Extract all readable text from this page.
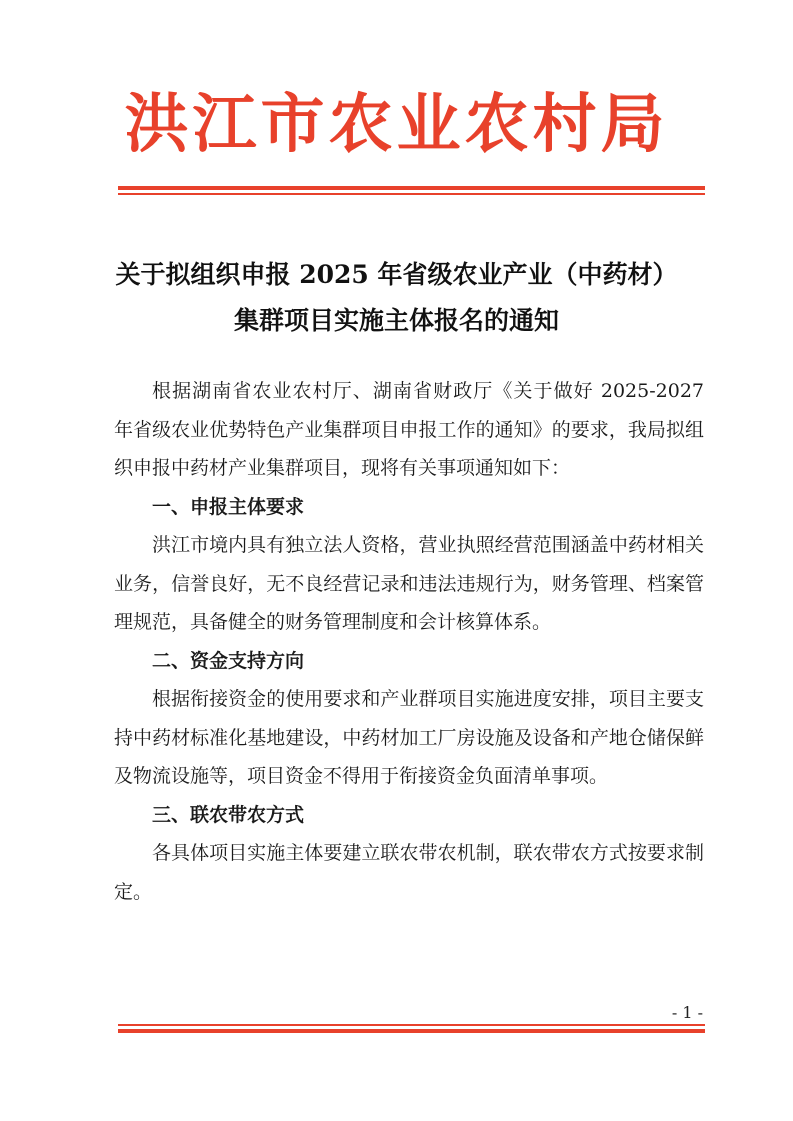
洪江市农业农村局
关于拟组织申报 2025 年省级农业产业（中药材）
集群项目实施主体报名的通知

根据湖南省农业农村厅、湖南省财政厅《关于做好 2025-2027 年省级农业优势特色产业集群项目申报工作的通知》的要求，我局拟组织申报中药材产业集群项目，现将有关事项通知如下：

一、申报主体要求

洪江市境内具有独立法人资格，营业执照经营范围涵盖中药材相关业务，信誉良好，无不良经营记录和违法违规行为，财务管理、档案管理规范，具备健全的财务管理制度和会计核算体系。

二、资金支持方向

根据衔接资金的使用要求和产业群项目实施进度安排，项目主要支持中药材标准化基地建设，中药材加工厂房设施及设备和产地仓储保鲜及物流设施等，项目资金不得用于衔接资金负面清单事项。

三、联农带农方式

各具体项目实施主体要建立联农带农机制，联农带农方式按要求制定。

- 1 -
